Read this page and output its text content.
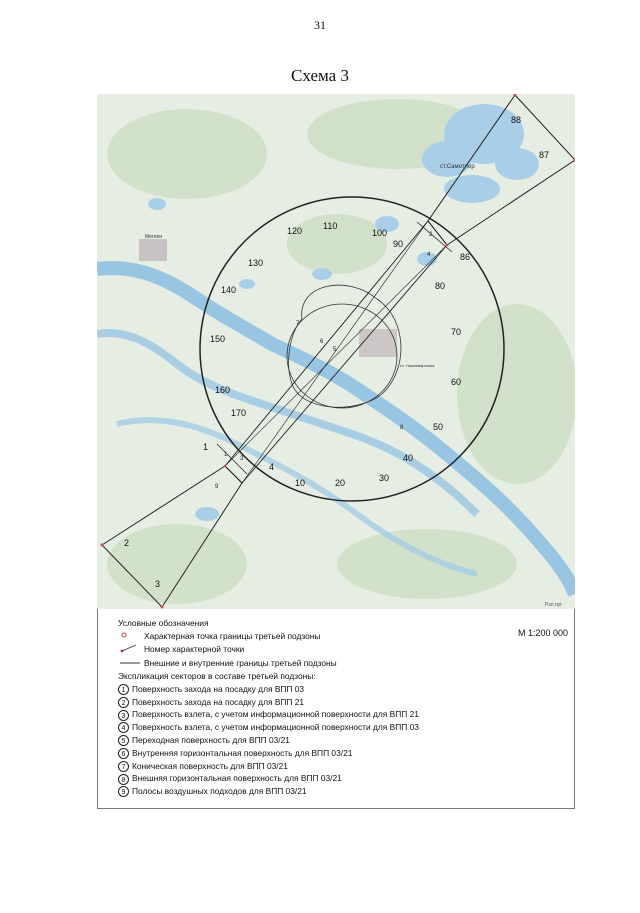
31
Схема 3
ст.Самотлор
Мегион
гп. Нижневартовск
Рэл пуг
10	20	30
40
50
60
70
80
86
87
88
90
100
110
120
130
140
150
160
170
1
2
3
4
1
2
3
4
5
6
7
8
9
Условные обозначения
М 1:200 000
Характерная точка границы третьей подзоны
Номер характерной точки
Внешние и внутренние границы третьей подзоны
Экспликация секторов в составе третьей подзоны:
1 Поверхность захода на посадку для ВПП 03
2 Поверхность захода на посадку для ВПП 21
3 Поверхность взлета, с учетом информационной поверхности для ВПП 21
4 Поверхность взлета, с учетом информационной поверхности для ВПП 03
5 Переходная поверхность для ВПП 03/21
6 Внутренняя горизонтальная поверхность для ВПП 03/21
7 Коническая поверхность для ВПП 03/21
8 Внешняя горизонтальная поверхность для ВПП 03/21
9 Полосы воздушных подходов для ВПП 03/21
